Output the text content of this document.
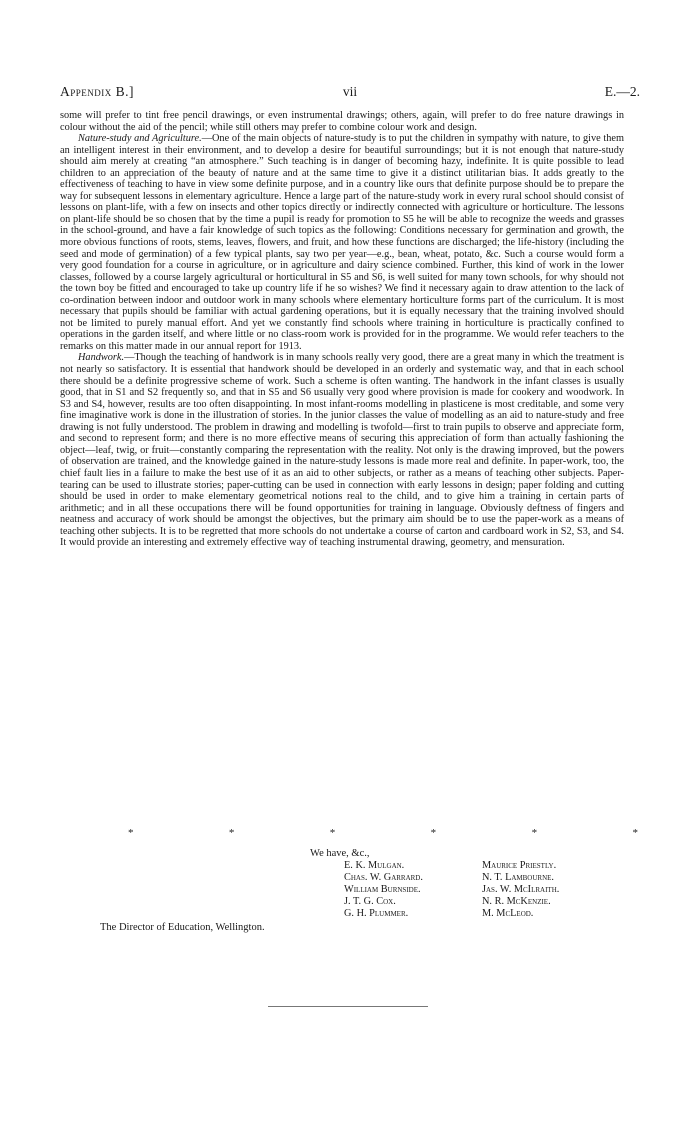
Appendix B.]	vii	E.—2.

some will prefer to tint free pencil drawings, or even instrumental drawings; others, again, will prefer to do free nature drawings in colour without the aid of the pencil; while still others may prefer to combine colour work and design.

Nature-study and Agriculture.—One of the main objects of nature-study is to put the children in sympathy with nature, to give them an intelligent interest in their environment, and to develop a desire for beautiful surroundings; but it is not enough that nature-study should aim merely at creating “an atmosphere.” Such teaching is in danger of becoming hazy, indefinite. It is quite possible to lead children to an appreciation of the beauty of nature and at the same time to give it a distinct utilitarian bias. It adds greatly to the effectiveness of teaching to have in view some definite purpose, and in a country like ours that definite purpose should be to prepare the way for subsequent lessons in elementary agriculture. Hence a large part of the nature-study work in every rural school should consist of lessons on plant-life, with a few on insects and other topics directly or indirectly connected with agriculture or horticulture. The lessons on plant-life should be so chosen that by the time a pupil is ready for promotion to S5 he will be able to recognize the weeds and grasses in the school-ground, and have a fair knowledge of such topics as the following: Conditions necessary for germination and growth, the more obvious functions of roots, stems, leaves, flowers, and fruit, and how these functions are discharged; the life-history (including the seed and mode of germination) of a few typical plants, say two per year—e.g., bean, wheat, potato, &c. Such a course would form a very good foundation for a course in agriculture, or in agriculture and dairy science combined. Further, this kind of work in the lower classes, followed by a course largely agricultural or horticultural in S5 and S6, is well suited for many town schools, for why should not the town boy be fitted and encouraged to take up country life if he so wishes? We find it necessary again to draw attention to the lack of co-ordination between indoor and outdoor work in many schools where elementary horticulture forms part of the curriculum. It is most necessary that pupils should be familiar with actual gardening operations, but it is equally necessary that the training involved should not be limited to purely manual effort. And yet we constantly find schools where training in horticulture is practically confined to operations in the garden itself, and where little or no class-room work is provided for in the programme. We would refer teachers to the remarks on this matter made in our annual report for 1913.

Handwork.—Though the teaching of handwork is in many schools really very good, there are a great many in which the treatment is not nearly so satisfactory. It is essential that handwork should be developed in an orderly and systematic way, and that in each school there should be a definite progressive scheme of work. Such a scheme is often wanting. The handwork in the infant classes is usually good, that in S1 and S2 frequently so, and that in S5 and S6 usually very good where provision is made for cookery and woodwork. In S3 and S4, however, results are too often disappointing. In most infant-rooms modelling in plasticene is most creditable, and some very fine imaginative work is done in the illustration of stories. In the junior classes the value of modelling as an aid to nature-study and free drawing is not fully understood. The problem in drawing and modelling is twofold—first to train pupils to observe and appreciate form, and second to represent form; and there is no more effective means of securing this appreciation of form than actually fashioning the object—leaf, twig, or fruit—constantly comparing the representation with the reality. Not only is the drawing improved, but the powers of observation are trained, and the knowledge gained in the nature-study lessons is made more real and definite. In paper-work, too, the chief fault lies in a failure to make the best use of it as an aid to other subjects, or rather as a means of teaching other subjects. Paper-tearing can be used to illustrate stories; paper-cutting can be used in connection with early lessons in design; paper folding and cutting should be used in order to make elementary geometrical notions real to the child, and to give him a training in certain parts of arithmetic; and in all these occupations there will be found opportunities for training in language. Obviously deftness of fingers and neatness and accuracy of work should be amongst the objectives, but the primary aim should be to use the paper-work as a means of teaching other subjects. It is to be regretted that more schools do not undertake a course of carton and cardboard work in S2, S3, and S4. It would provide an interesting and extremely effective way of teaching instrumental drawing, geometry, and mensuration.

*	*	*	*	*	*
We have, &c.,
E. K. Mulgan.	Maurice Priestly.
Chas. W. Garrard.	N. T. Lambourne.
William Burnside.	Jas. W. McIlraith.
J. T. G. Cox.	N. R. McKenzie.
G. H. Plummer.	M. McLeod.
The Director of Education, Wellington.
